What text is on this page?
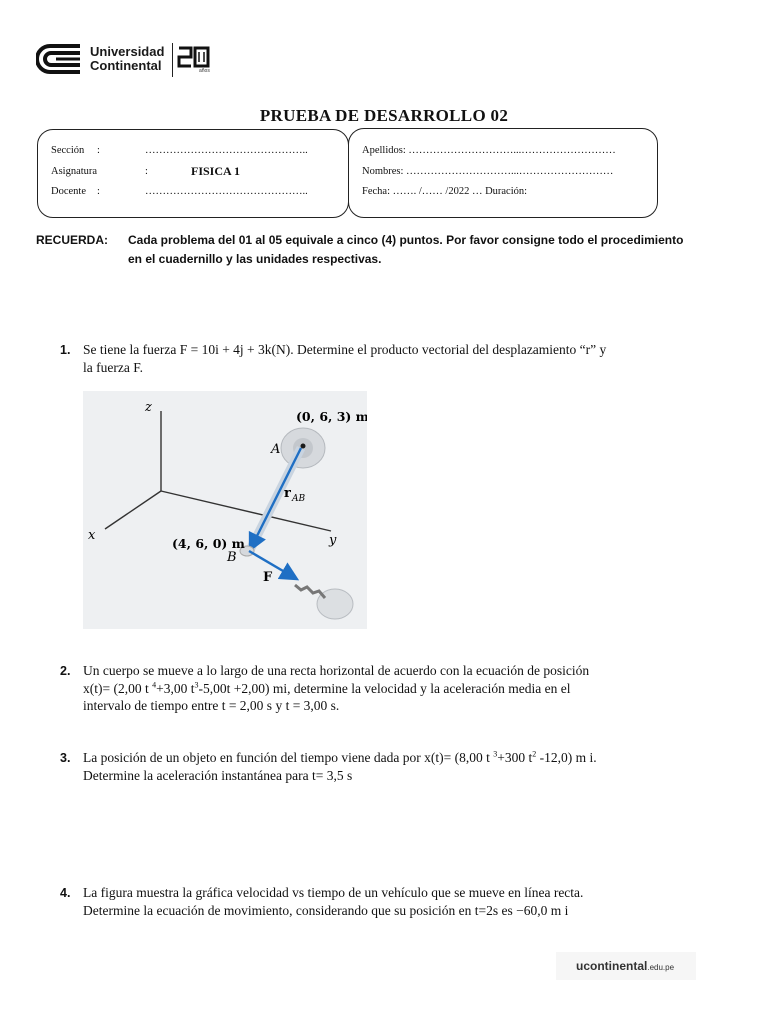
Universidad
Continental	años
PRUEBA DE DESARROLLO 02
Sección :	………………………………………..
Asignatura	:	FISICA 1
Docente :	………………………………………..
Apellidos: …………………………...………………………
Nombres: …………………………...………………………
Fecha: ……. /…… /2022 … Duración:
RECUERDA: Cada problema del 01 al 05 equivale a cinco (4) puntos. Por favor consigne todo el procedimiento
en el cuadernillo y las unidades respectivas.
1. Se tiene la fuerza F = 10i + 4j + 3k(N). Determine el producto vectorial del desplazamiento “r” y
la fuerza F.
z
x	y
(0, 6, 3) m
A
r AB
(4, 6, 0) m
B
F
2. Un cuerpo se mueve a lo largo de una recta horizontal de acuerdo con la ecuación de posición
x(t)= (2,00 t $^4$+3,00 $t^3-5,00t +2,00$) mi, determine la velocidad y la aceleración media en el
intervalo de tiempo entre t = 2,00 s y t = 3,00 s.
3. La posición de un objeto en función del tiempo viene dada por x(t)= (8,00 t $^3$+300 $t^2$ -12,0) m i.
Determine la aceleración instantánea para t= 3,5 s
4. La figura muestra la gráfica velocidad vs tiempo de un vehículo que se mueve en línea recta.
Determine la ecuación de movimiento, considerando que su posición en t=2s es −60,0 m i
ucontinental.edu.pe
